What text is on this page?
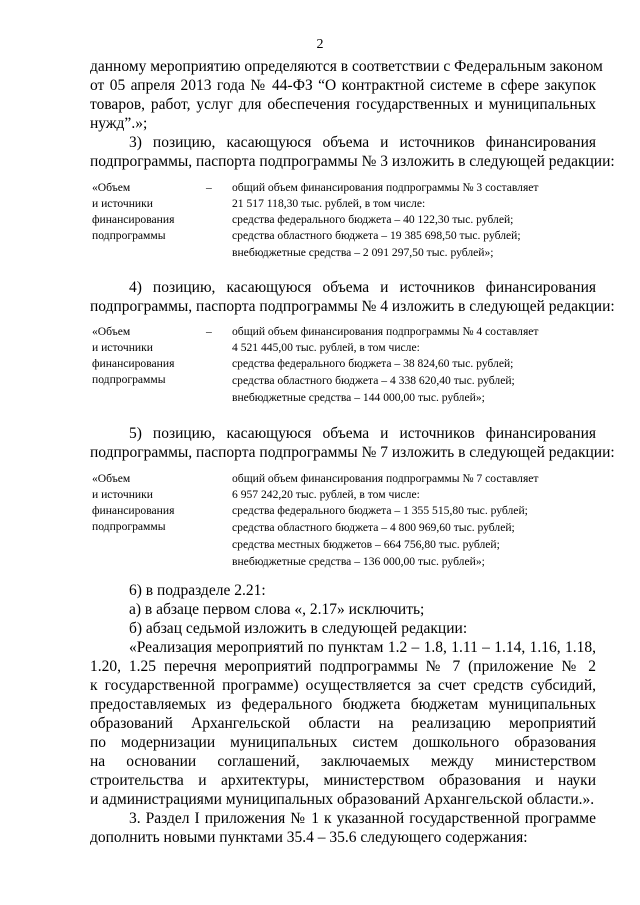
2
данному мероприятию определяются в соответствии с Федеральным законом
от 05 апреля 2013 года № 44-ФЗ “О контрактной системе в сфере закупок
товаров, работ, услуг для обеспечения государственных и муниципальных
нужд”.»;
3) позицию, касающуюся объема и источников финансирования
подпрограммы, паспорта подпрограммы № 3 изложить в следующей редакции:
«Объем
и источники
финансирования
подпрограммы
– общий объем финансирования подпрограммы № 3 составляет
21 517 118,30 тыс. рублей, в том числе:
средства федерального бюджета – 40 122,30 тыс. рублей;
средства областного бюджета – 19 385 698,50 тыс. рублей;
внебюджетные средства – 2 091 297,50 тыс. рублей»;
4) позицию, касающуюся объема и источников финансирования
подпрограммы, паспорта подпрограммы № 4 изложить в следующей редакции:
«Объем
и источники
финансирования
подпрограммы
– общий объем финансирования подпрограммы № 4 составляет
4 521 445,00 тыс. рублей, в том числе:
средства федерального бюджета – 38 824,60 тыс. рублей;
средства областного бюджета – 4 338 620,40 тыс. рублей;
внебюджетные средства – 144 000,00 тыс. рублей»;
5) позицию, касающуюся объема и источников финансирования
подпрограммы, паспорта подпрограммы № 7 изложить в следующей редакции:
«Объем
и источники
финансирования
подпрограммы
общий объем финансирования подпрограммы № 7 составляет
6 957 242,20 тыс. рублей, в том числе:
средства федерального бюджета – 1 355 515,80 тыс. рублей;
средства областного бюджета – 4 800 969,60 тыс. рублей;
средства местных бюджетов – 664 756,80 тыс. рублей;
внебюджетные средства – 136 000,00 тыс. рублей»;
6) в подразделе 2.21:
а) в абзаце первом слова «, 2.17» исключить;
б) абзац седьмой изложить в следующей редакции:
«Реализация мероприятий по пунктам 1.2 – 1.8, 1.11 – 1.14, 1.16, 1.18,
1.20, 1.25 перечня мероприятий подпрограммы № 7 (приложение № 2
к государственной программе) осуществляется за счет средств субсидий,
предоставляемых из федерального бюджета бюджетам муниципальных
образований Архангельской области на реализацию мероприятий
по модернизации муниципальных систем дошкольного образования
на основании соглашений, заключаемых между министерством
строительства и архитектуры, министерством образования и науки
и администрациями муниципальных образований Архангельской области.».
3. Раздел I приложения № 1 к указанной государственной программе
дополнить новыми пунктами 35.4 – 35.6 следующего содержания:
